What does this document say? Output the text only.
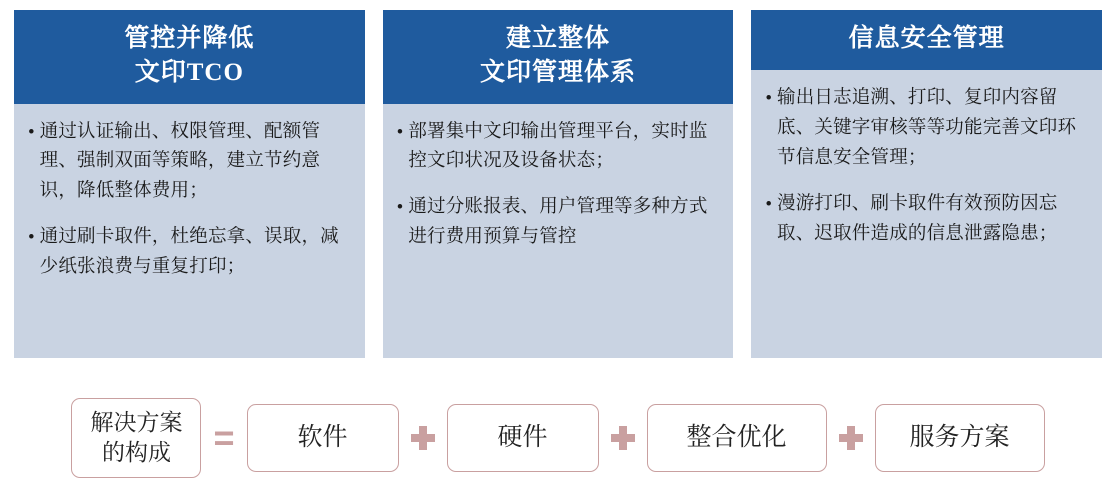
管控并降低
文印TCO
• 通过认证输出、权限管理、配额管理、强制双面等策略，建立节约意识，降低整体费用；
• 通过刷卡取件，杜绝忘拿、误取，减少纸张浪费与重复打印；
建立整体
文印管理体系
• 部署集中文印输出管理平台，实时监控文印状况及设备状态；
• 通过分账报表、用户管理等多种方式进行费用预算与管控
信息安全管理
• 输出日志追溯、打印、复印内容留底、关键字审核等等功能完善文印环节信息安全管理；
• 漫游打印、刷卡取件有效预防因忘取、迟取件造成的信息泄露隐患；
解决方案
的构成 =	软件	硬件	整合优化	服务方案
